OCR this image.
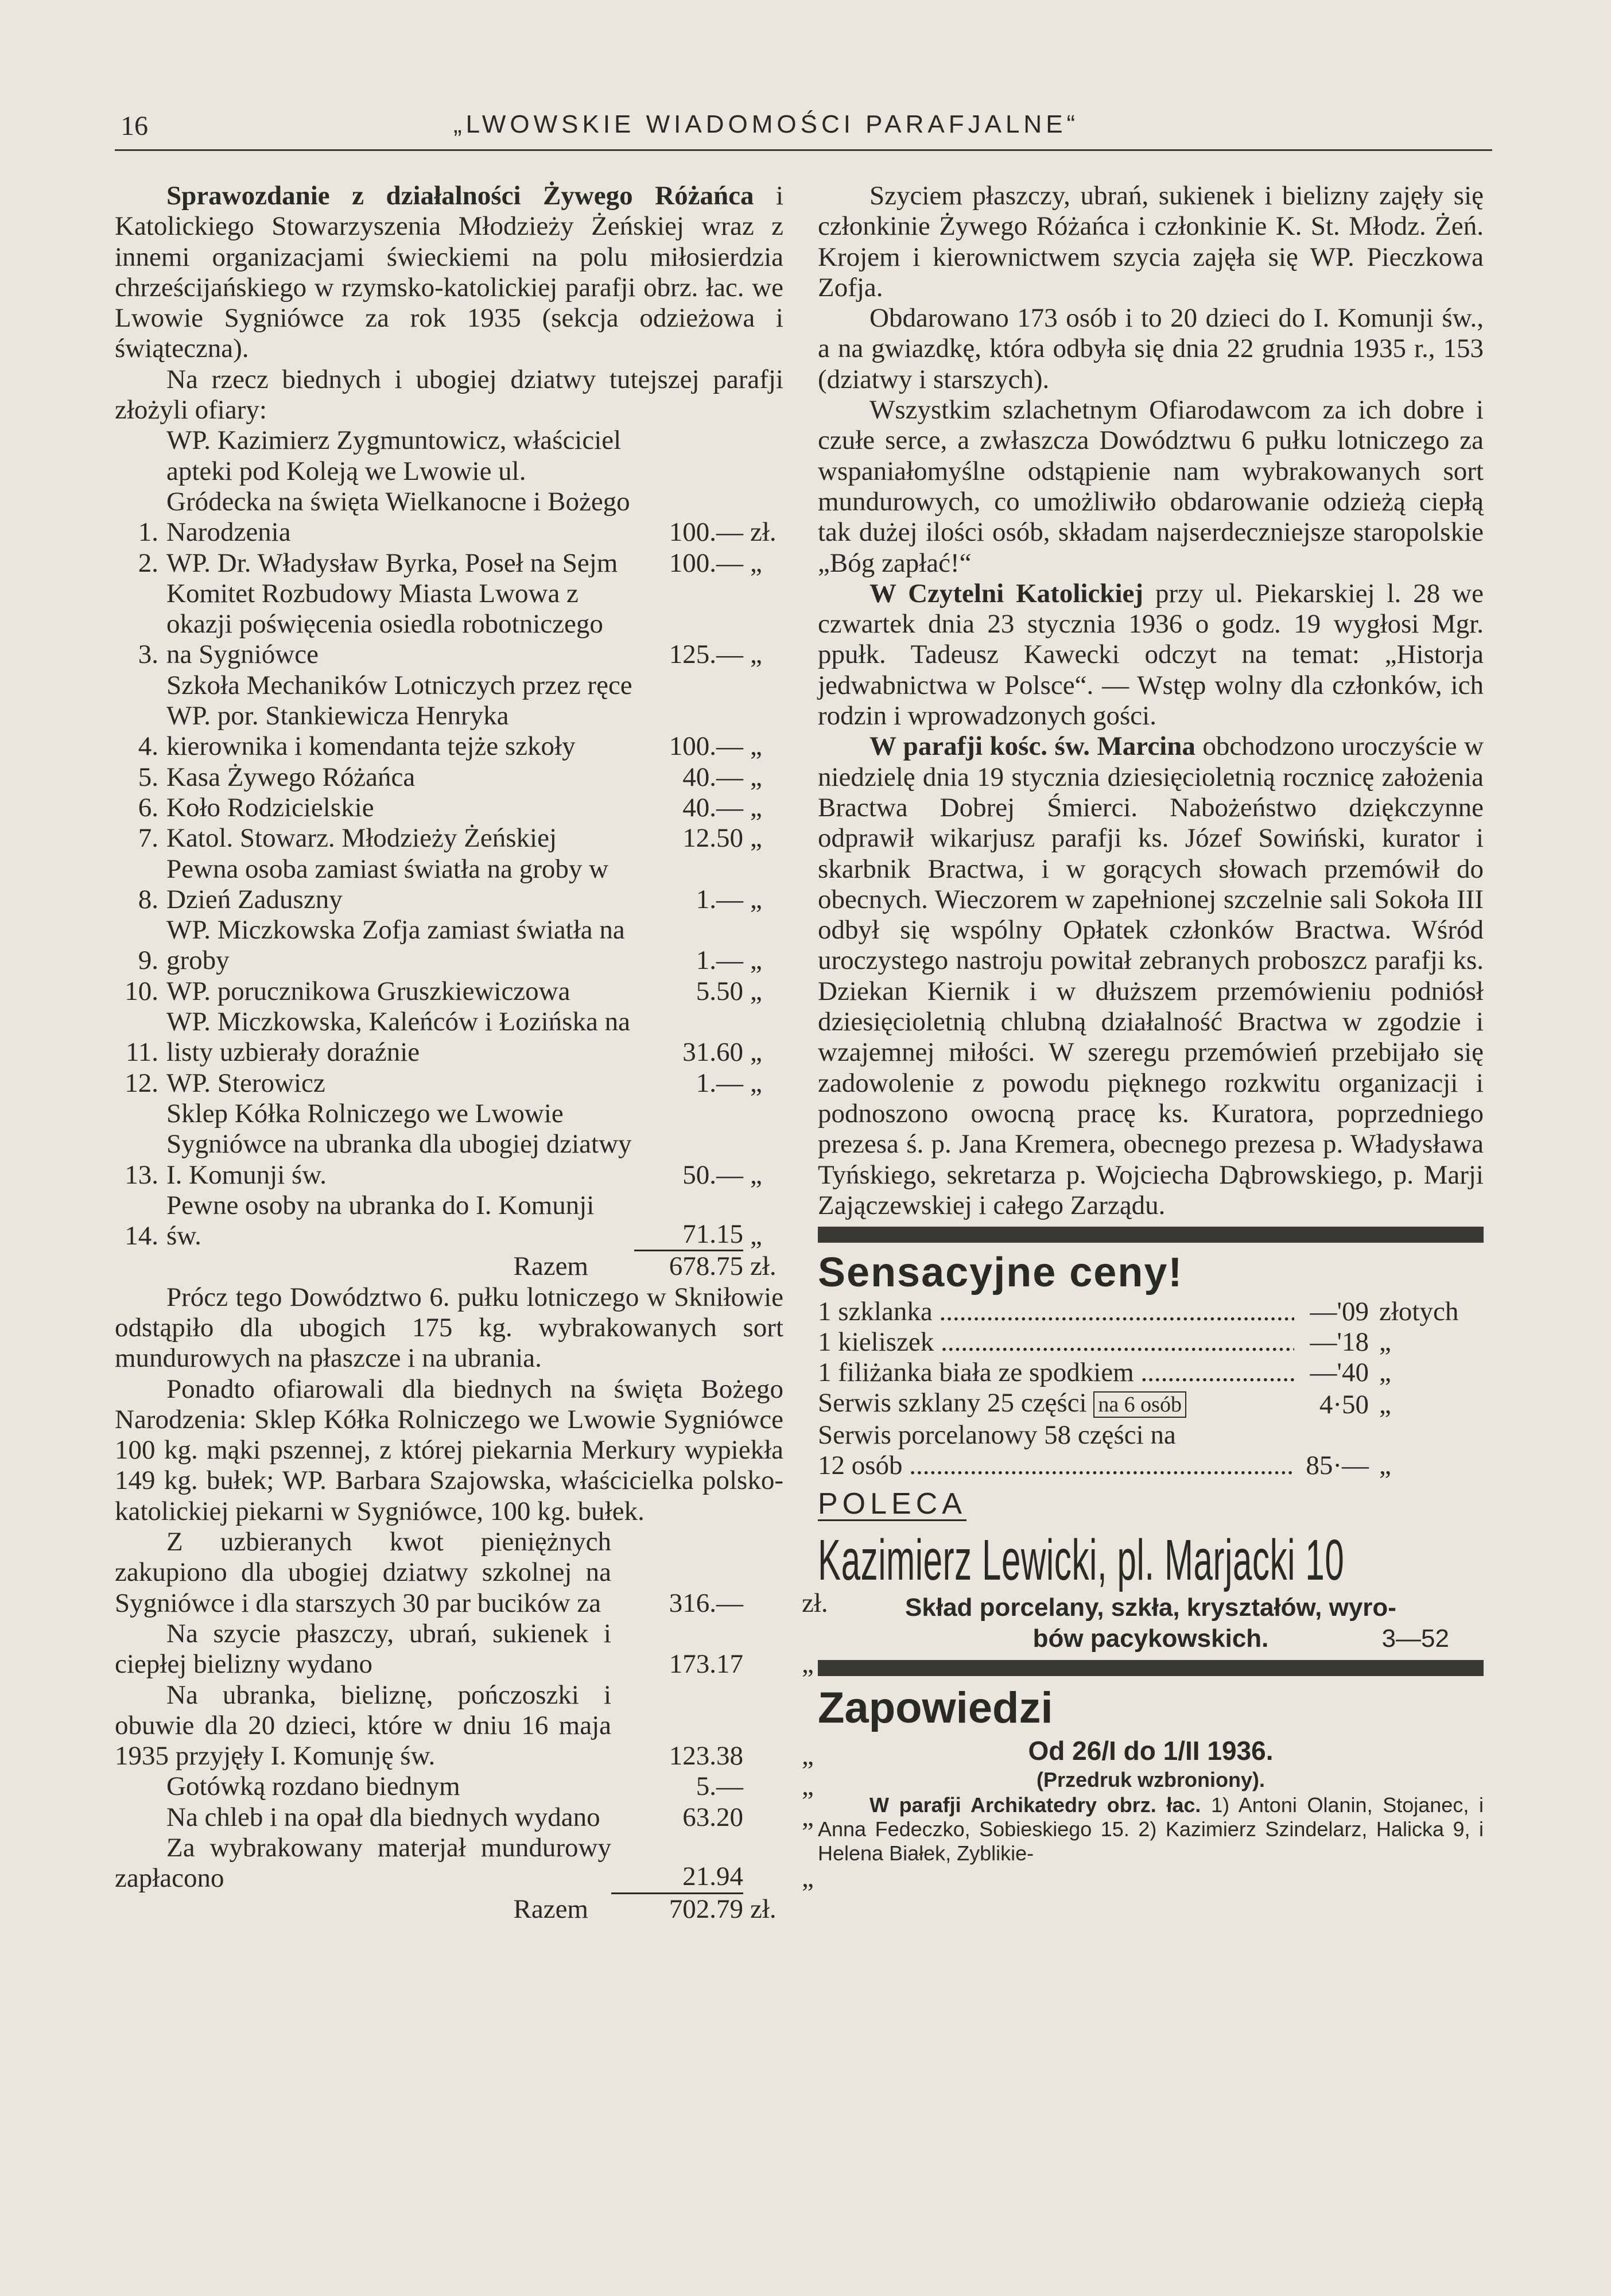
16	„LWOWSKIE WIADOMOŚCI PARAFJALNE“

Sprawozdanie z działalności Żywego Różańca i Katolickiego Stowarzyszenia Młodzieży Żeńskiej wraz z innemi organizacjami świeckiemi na polu miłosierdzia chrześcijańskiego w rzymsko-katolickiej parafji obrz. łac. we Lwowie Sygniówce za rok 1935 (sekcja odzieżowa i świąteczna).

Na rzecz biednych i ubogiej dziatwy tutejszej parafji złożyli ofiary:

1.
WP. Kazimierz Zygmuntowicz, właściciel apteki pod Koleją we Lwowie ul. Gródecka na święta Wielkanocne i Bożego Narodzenia	100.— zł.
2. WP. Dr. Władysław Byrka, Poseł na Sejm	100.— „
3.
Komitet Rozbudowy Miasta Lwowa z okazji poświęcenia osiedla robotniczego na Sygniówce	125.— „
4.
Szkoła Mechaników Lotniczych przez ręce WP. por. Stankiewicza Henryka kierownika i komendanta tejże szkoły	100.— „
5. Kasa Żywego Różańca	40.— „
6. Koło Rodzicielskie	40.— „
7. Katol. Stowarz. Młodzieży Żeńskiej	12.50 „
8.
Pewna osoba zamiast światła na groby w Dzień Zaduszny	1.— „
9.
WP. Miczkowska Zofja zamiast światła na groby	1.— „
10. WP. porucznikowa Gruszkiewiczowa	5.50 „
11.
WP. Miczkowska, Kaleńców i Łozińska na listy uzbierały doraźnie	31.60 „
12. WP. Sterowicz	1.— „
13.
Sklep Kółka Rolniczego we Lwowie Sygniówce na ubranka dla ubogiej dziatwy I. Komunji św.	50.— „
14.
Pewne osoby na ubranka do I. Komunji św.	71.15 „
Razem	678.75 zł.

Prócz tego Dowództwo 6. pułku lotniczego w Skniłowie odstąpiło dla ubogich 175 kg. wybrakowanych sort mundurowych na płaszcze i na ubrania.

Ponadto ofiarowali dla biednych na święta Bożego Narodzenia: Sklep Kółka Rolniczego we Lwowie Sygniówce 100 kg. mąki pszennej, z której piekarnia Merkury wypiekła 149 kg. bułek; WP. Barbara Szajowska, właścicielka polsko-katolickiej piekarni w Sygniówce, 100 kg. bułek.

Z uzbieranych kwot pieniężnych zakupiono dla ubogiej dziatwy szkolnej na Sygniówce i dla starszych 30 par bucików za	316.—	zł.
Na szycie płaszczy, ubrań, sukienek i ciepłej bielizny wydano	173.17	„
Na ubranka, bieliznę, pończoszki i obuwie dla 20 dzieci, które w dniu 16 maja 1935 przyjęły I. Komunję św.	123.38	„
Gotówką rozdano biednym	5.—	„
Na chleb i na opał dla biednych wydano	63.20	„
Za wybrakowany materjał mundurowy zapłacono	21.94	„
Razem	702.79 zł.

Szyciem płaszczy, ubrań, sukienek i bielizny zajęły się członkinie Żywego Różańca i członkinie K. St. Młodz. Żeń. Krojem i kierownictwem szycia zajęła się WP. Pieczkowa Zofja.

Obdarowano 173 osób i to 20 dzieci do I. Komunji św., a na gwiazdkę, która odbyła się dnia 22 grudnia 1935 r., 153 (dziatwy i starszych).

Wszystkim szlachetnym Ofiarodawcom za ich dobre i czułe serce, a zwłaszcza Dowództwu 6 pułku lotniczego za wspaniałomyślne odstąpienie nam wybrakowanych sort mundurowych, co umożliwiło obdarowanie odzieżą ciepłą tak dużej ilości osób, składam najserdeczniejsze staropolskie „Bóg zapłać!“

W Czytelni Katolickiej przy ul. Piekarskiej l. 28 we czwartek dnia 23 stycznia 1936 o godz. 19 wygłosi Mgr. ppułk. Tadeusz Kawecki odczyt na temat: „Historja jedwabnictwa w Polsce“. — Wstęp wolny dla członków, ich rodzin i wprowadzonych gości.

W parafji kośc. św. Marcina obchodzono uroczyście w niedzielę dnia 19 stycznia dziesięcioletnią rocznicę założenia Bractwa Dobrej Śmierci. Nabożeństwo dziękczynne odprawił wikarjusz parafji ks. Józef Sowiński, kurator i skarbnik Bractwa, i w gorących słowach przemówił do obecnych. Wieczorem w zapełnionej szczelnie sali Sokoła III odbył się wspólny Opłatek członków Bractwa. Wśród uroczystego nastroju powitał zebranych proboszcz parafji ks. Dziekan Kiernik i w dłuższem przemówieniu podniósł dziesięcioletnią chlubną działalność Bractwa w zgodzie i wzajemnej miłości. W szeregu przemówień przebijało się zadowolenie z powodu pięknego rozkwitu organizacji i podnoszono owocną pracę ks. Kuratora, poprzedniego prezesa ś. p. Jana Kremera, obecnego prezesa p. Władysława Tyńskiego, sekretarza p. Wojciecha Dąbrowskiego, p. Marji Zajączewskiej i całego Zarządu.

Sensacyjne ceny!
1 szklanka .....	—'09 złotych
1 kieliszek .....	—'18 „
1 filiżanka biała ze spodkiem .....	—'40 „
Serwis szklany 25 części na 6 osób	4·50 „
Serwis porcelanowy 58 części na
12 osób .....	85·— „
POLECA
Kazimierz Lewicki, pl. Marjacki 10
Skład porcelany, szkła, kryształów, wyro-
bów pacykowskich.	3—52
Zapowiedzi
Od 26/I do 1/II 1936.
(Przedruk wzbroniony).

W parafji Archikatedry obrz. łac. 1) Antoni Olanin, Stojanec, i Anna Fedeczko, Sobieskiego 15. 2) Kazimierz Szindelarz, Halicka 9, i Helena Białek, Zyblikie-
